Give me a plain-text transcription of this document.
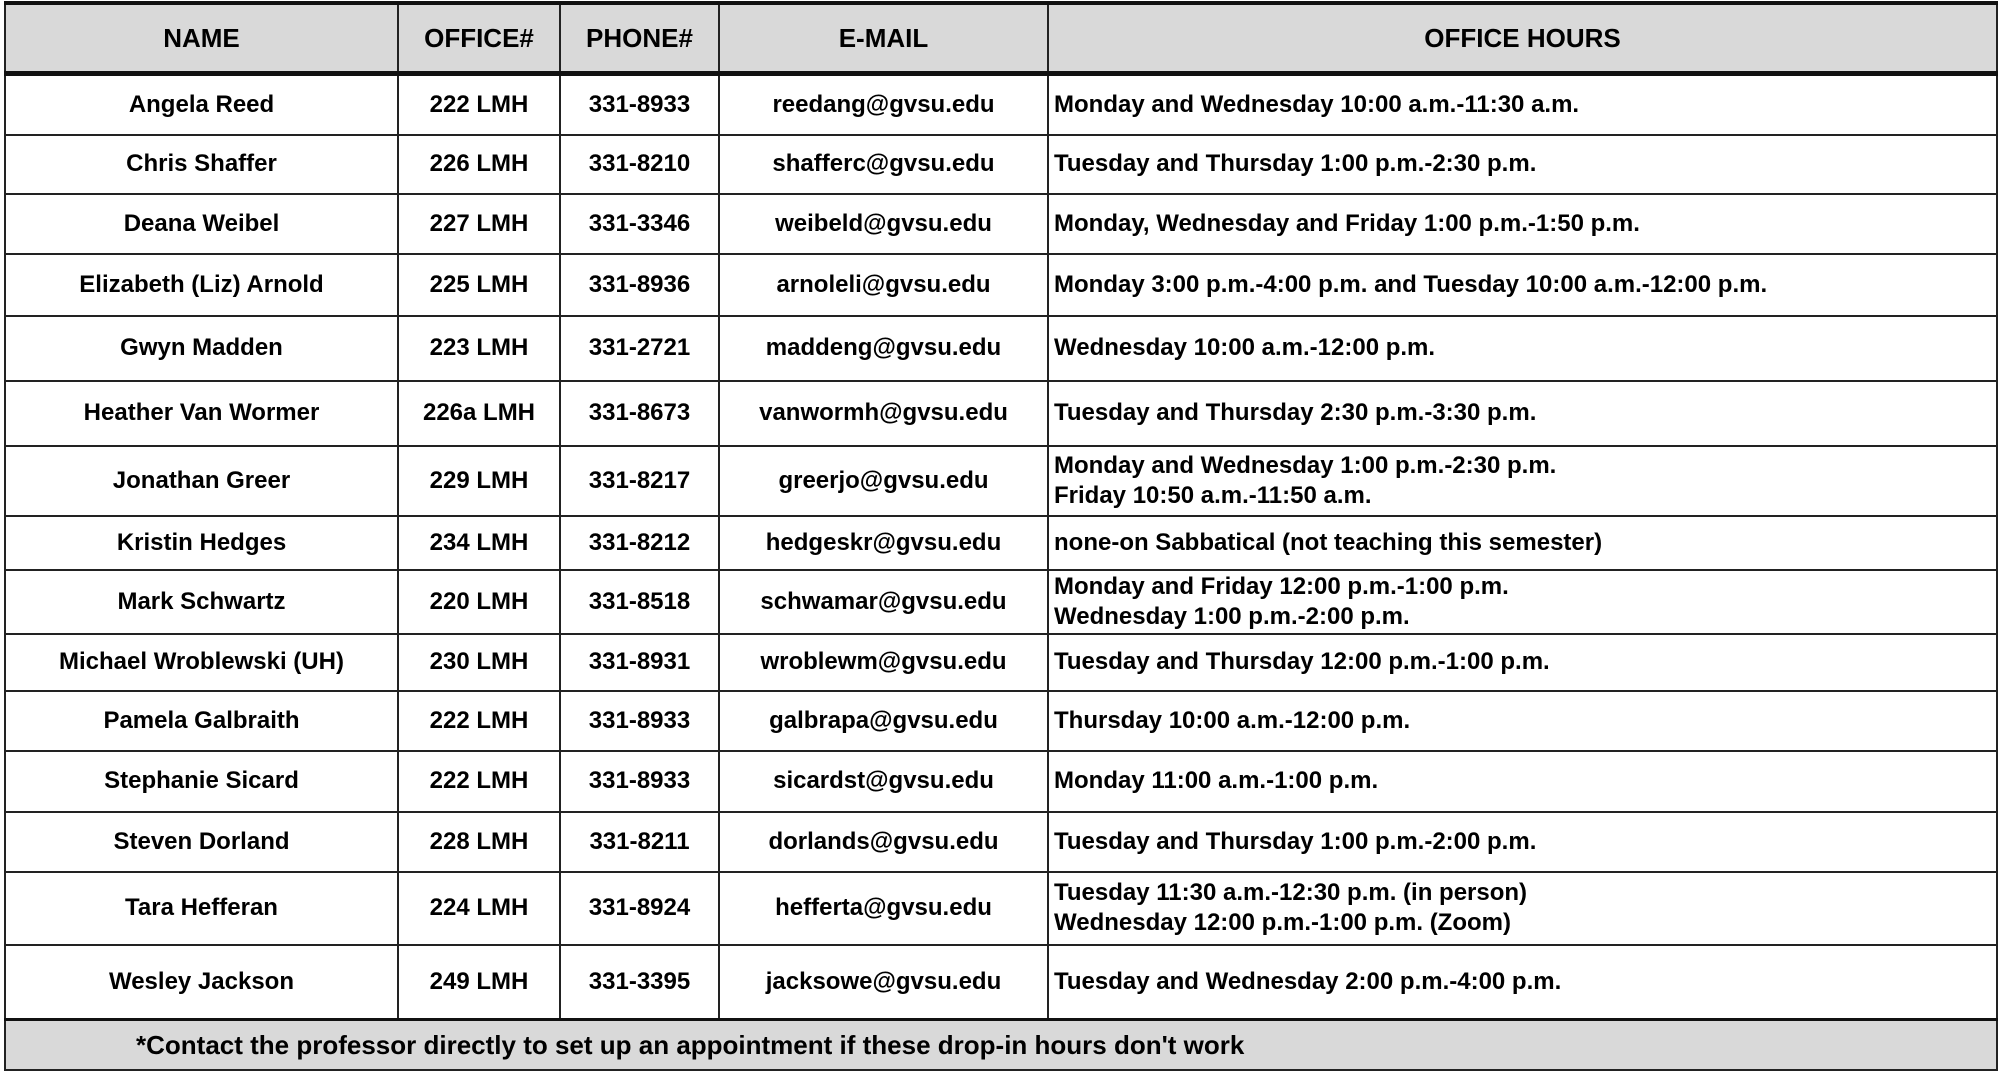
NAME	OFFICE#	PHONE#	E-MAIL	OFFICE HOURS
Angela Reed	222 LMH	331-8933	reedang@gvsu.edu	Monday and Wednesday 10:00 a.m.-11:30 a.m.

Chris Shaffer	226 LMH	331-8210	shafferc@gvsu.edu	Tuesday and Thursday 1:00 p.m.-2:30 p.m.

Deana Weibel	227 LMH	331-3346	weibeld@gvsu.edu	Monday, Wednesday and Friday 1:00 p.m.-1:50 p.m.

Elizabeth (Liz) Arnold	225 LMH	331-8936	arnoleli@gvsu.edu	Monday 3:00 p.m.-4:00 p.m. and Tuesday 10:00 a.m.-12:00 p.m.

Gwyn Madden	223 LMH	331-2721	maddeng@gvsu.edu	Wednesday 10:00 a.m.-12:00 p.m.

Heather Van Wormer	226a LMH	331-8673	vanwormh@gvsu.edu	Tuesday and Thursday 2:30 p.m.-3:30 p.m.

Jonathan Greer	229 LMH	331-8217	greerjo@gvsu.edu	Monday and Wednesday 1:00 p.m.-2:30 p.m.
Friday 10:50 a.m.-11:50 a.m.

Kristin Hedges	234 LMH	331-8212	hedgeskr@gvsu.edu	none-on Sabbatical (not teaching this semester)

Mark Schwartz	220 LMH	331-8518	schwamar@gvsu.edu	Monday and Friday 12:00 p.m.-1:00 p.m.
Wednesday 1:00 p.m.-2:00 p.m.

Michael Wroblewski (UH)	230 LMH	331-8931	wroblewm@gvsu.edu	Tuesday and Thursday 12:00 p.m.-1:00 p.m.

Pamela Galbraith	222 LMH	331-8933	galbrapa@gvsu.edu	Thursday 10:00 a.m.-12:00 p.m.

Stephanie Sicard	222 LMH	331-8933	sicardst@gvsu.edu	Monday 11:00 a.m.-1:00 p.m.

Steven Dorland	228 LMH	331-8211	dorlands@gvsu.edu	Tuesday and Thursday 1:00 p.m.-2:00 p.m.

Tara Hefferan	224 LMH	331-8924	hefferta@gvsu.edu	Tuesday 11:30 a.m.-12:30 p.m. (in person)
Wednesday 12:00 p.m.-1:00 p.m. (Zoom)

Wesley Jackson	249 LMH	331-3395	jacksowe@gvsu.edu	Tuesday and Wednesday 2:00 p.m.-4:00 p.m.

*Contact the professor directly to set up an appointment if these drop-in hours don't work				
